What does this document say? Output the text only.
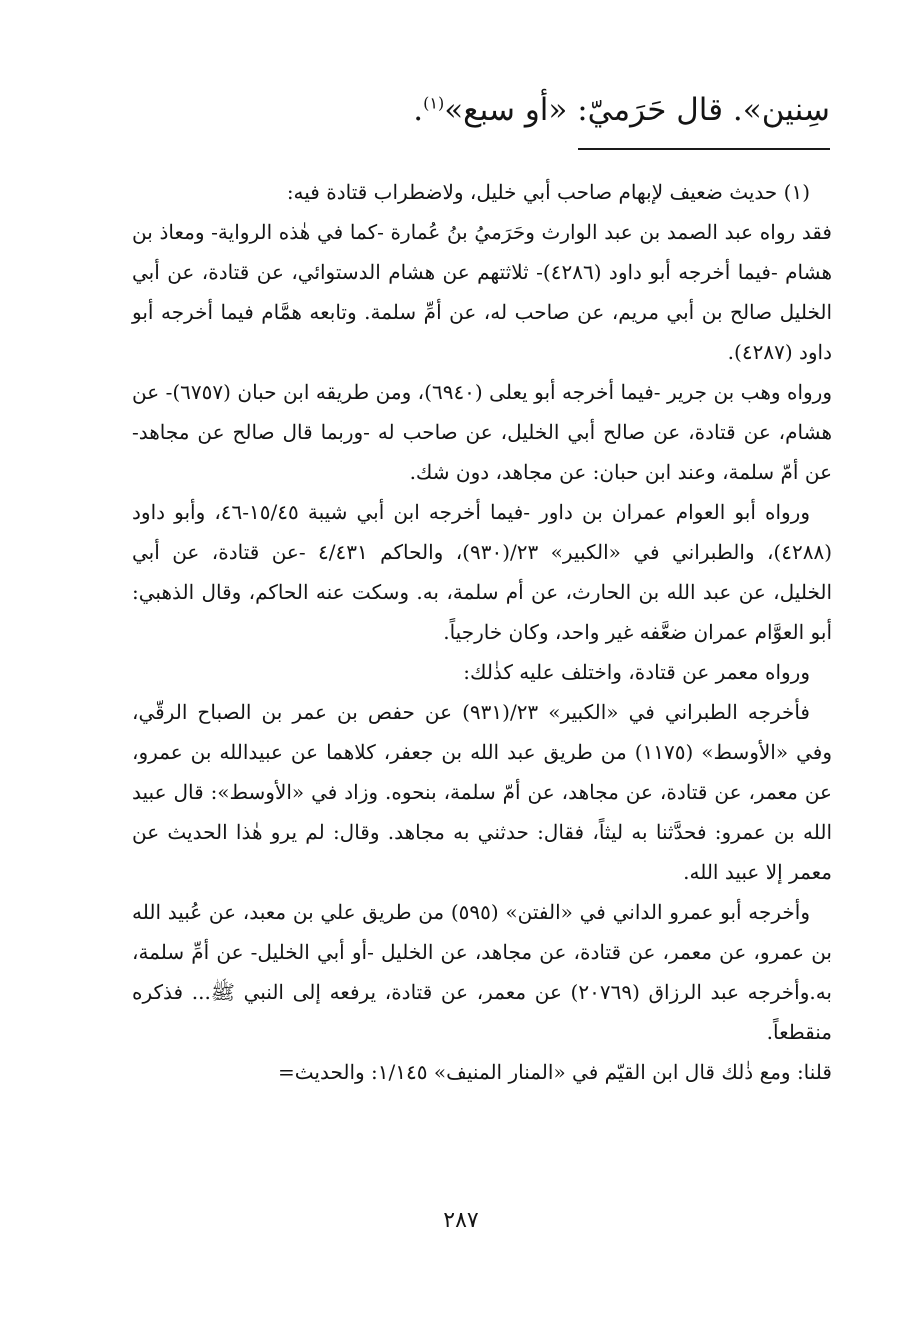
سِنين». قال حَرَميّ: «أو سبع»$^{(١)}$.

(١) حديث ضعيف لإبهام صاحب أبي خليل، ولاضطراب قتادة فيه:

فقد رواه عبد الصمد بن عبد الوارث وحَرَميُ بنُ عُمارة -كما في هٰذه الرواية- ومعاذ بن هشام -فيما أخرجه أبو داود (٤٢٨٦)- ثلاثتهم عن هشام الدستوائي، عن قتادة، عن أبي الخليل صالح بن أبي مريم، عن صاحب له، عن أمِّ سلمة. وتابعه همَّام فيما أخرجه أبو داود (٤٢٨٧).

ورواه وهب بن جرير -فيما أخرجه أبو يعلى (٦٩٤٠)، ومن طريقه ابن حبان (٦٧٥٧)- عن هشام، عن قتادة، عن صالح أبي الخليل، عن صاحب له -وربما قال صالح عن مجاهد- عن أمّ سلمة، وعند ابن حبان: عن مجاهد، دون شك.

ورواه أبو العوام عمران بن داور -فيما أخرجه ابن أبي شيبة ١٥/٤٥-٤٦، وأبو داود (٤٢٨٨)، والطبراني في «الكبير» ٢٣/(٩٣٠)، والحاكم ٤/٤٣١ -عن قتادة، عن أبي الخليل، عن عبد الله بن الحارث، عن أم سلمة، به. وسكت عنه الحاكم، وقال الذهبي: أبو العوَّام عمران ضعَّفه غير واحد، وكان خارجياً.

ورواه معمر عن قتادة، واختلف عليه كذٰلك:

فأخرجه الطبراني في «الكبير» ٢٣/(٩٣١) عن حفص بن عمر بن الصباح الرقّي، وفي «الأوسط» (١١٧٥) من طريق عبد الله بن جعفر، كلاهما عن عبيدالله بن عمرو، عن معمر، عن قتادة، عن مجاهد، عن أمّ سلمة، بنحوه. وزاد في «الأوسط»: قال عبيد الله بن عمرو: فحدَّثنا به ليثاً، فقال: حدثني به مجاهد. وقال: لم يرو هٰذا الحديث عن معمر إلا عبيد الله.

وأخرجه أبو عمرو الداني في «الفتن» (٥٩٥) من طريق علي بن معبد، عن عُبيد الله بن عمرو، عن معمر، عن قتادة، عن مجاهد، عن الخليل -أو أبي الخليل- عن أمِّ سلمة، به.وأخرجه عبد الرزاق (٢٠٧٦٩) عن معمر، عن قتادة، يرفعه إلى النبي ﷺ... فذكره منقطعاً.

قلنا: ومع ذٰلك قال ابن القيّم في «المنار المنيف» ١/١٤٥: والحديث=

٢٨٧
